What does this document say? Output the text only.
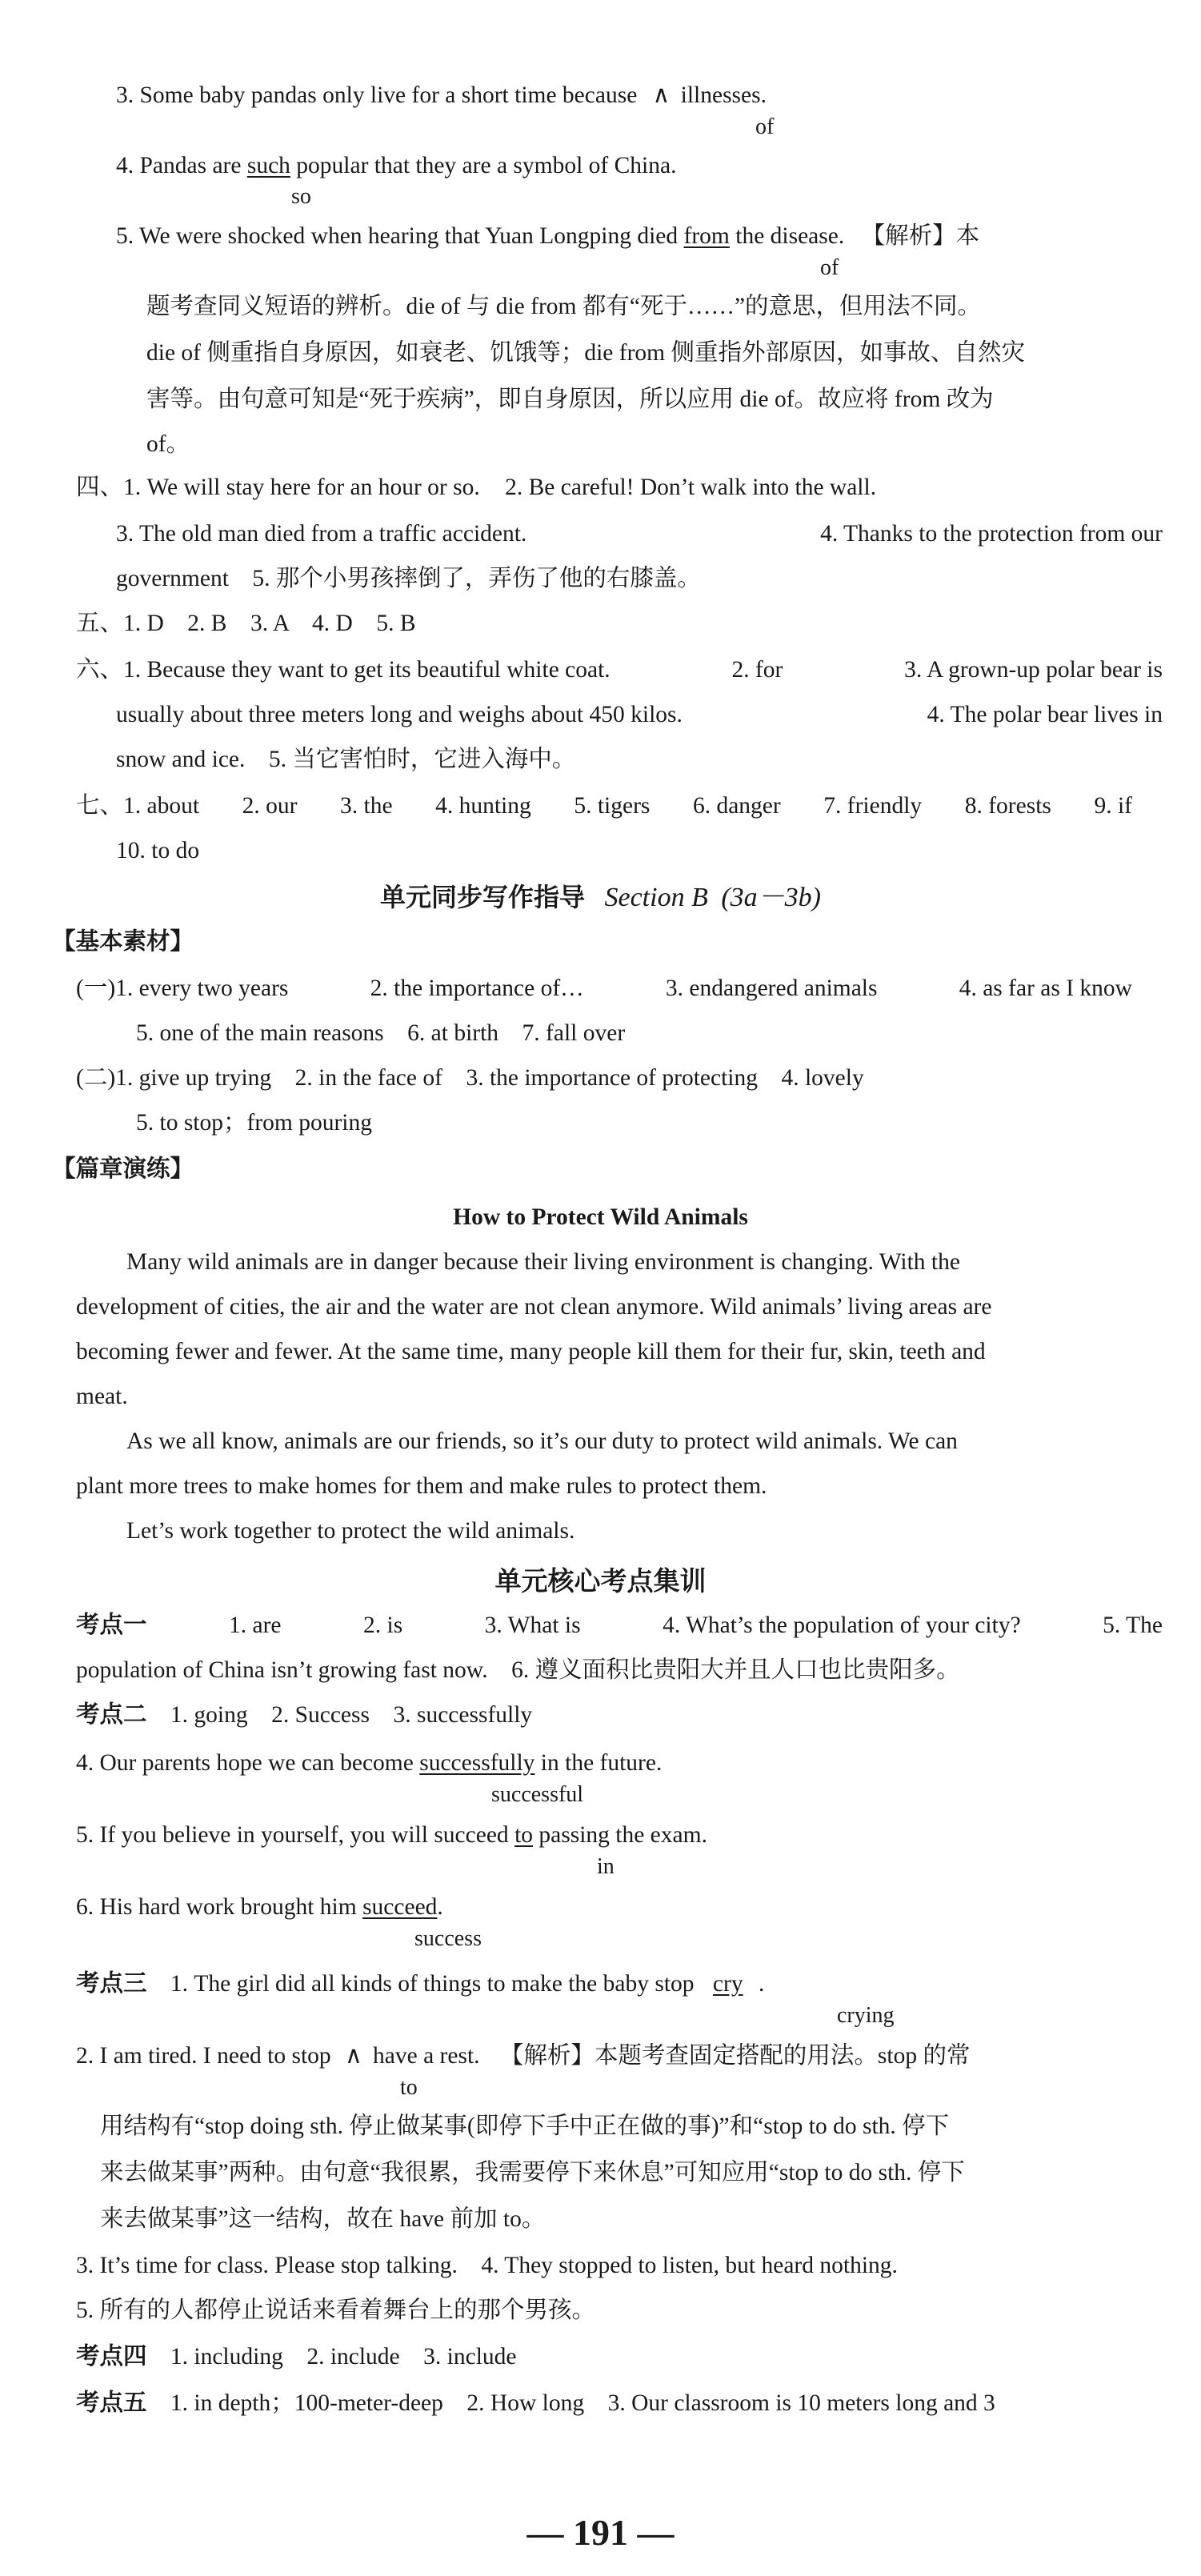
3. Some baby pandas only live for a short time because ∧ illnesses.
of
4. Pandas are such popular that they are a symbol of China.
so
5. We were shocked when hearing that Yuan Longping died from the disease. 【解析】本
of
题考查同义短语的辨析。die of 与 die from 都有“死于……”的意思，但用法不同。
die of 侧重指自身原因，如衰老、饥饿等；die from 侧重指外部原因，如事故、自然灾
害等。由句意可知是“死于疾病”，即自身原因，所以应用 die of。故应将 from 改为
of。
四、1. We will stay here for an hour or so. 2. Be careful! Don’t walk into the wall.
3. The old man died from a traffic accident.	4. Thanks to the protection from our
government　5. 那个小男孩摔倒了，弄伤了他的右膝盖。
五、1. D　2. B　3. A　4. D　5. B
六、1. Because they want to get its beautiful white coat.	2. for	3. A grown-up polar bear is
usually about three meters long and weighs about 450 kilos.	4. The polar bear lives in
snow and ice.　5. 当它害怕时，它进入海中。
七、1. about 2. our 3. the 4. hunting 5. tigers 6. danger 7. friendly 8. forests 9. if
10. to do
单元同步写作指导 Section B (3a－3b)
【基本素材】
(一)1. every two years	2. the importance of…	3. endangered animals	4. as far as I know
5. one of the main reasons　6. at birth　7. fall over
(二)1. give up trying　2. in the face of　3. the importance of protecting　4. lovely
5. to stop；from pouring
【篇章演练】
How to Protect Wild Animals
Many wild animals are in danger because their living environment is changing. With the
development of cities, the air and the water are not clean anymore. Wild animals’ living areas are
becoming fewer and fewer. At the same time, many people kill them for their fur, skin, teeth and
meat.
As we all know, animals are our friends, so it’s our duty to protect wild animals. We can
plant more trees to make homes for them and make rules to protect them.
Let’s work together to protect the wild animals.
单元核心考点集训
考点一	1. are	2. is	3. What is	4. What’s the population of your city?	5. The
population of China isn’t growing fast now.　6. 遵义面积比贵阳大并且人口也比贵阳多。
考点二 1. going　2. Success　3. successfully
4. Our parents hope we can become successfully in the future.
successful
5. If you believe in yourself, you will succeed to passing the exam.
in
6. His hard work brought him succeed.
success
考点三 1. The girl did all kinds of things to make the baby stop cry .
crying
2. I am tired. I need to stop ∧ have a rest. 【解析】本题考查固定搭配的用法。stop 的常
to
用结构有“stop doing sth. 停止做某事(即停下手中正在做的事)”和“stop to do sth. 停下
来去做某事”两种。由句意“我很累，我需要停下来休息”可知应用“stop to do sth. 停下
来去做某事”这一结构，故在 have 前加 to。
3. It’s time for class. Please stop talking.　4. They stopped to listen, but heard nothing.
5. 所有的人都停止说话来看着舞台上的那个男孩。
考点四 1. including　2. include　3. include
考点五 1. in depth；100-meter-deep　2. How long　3. Our classroom is 10 meters long and 3
— 191 —
